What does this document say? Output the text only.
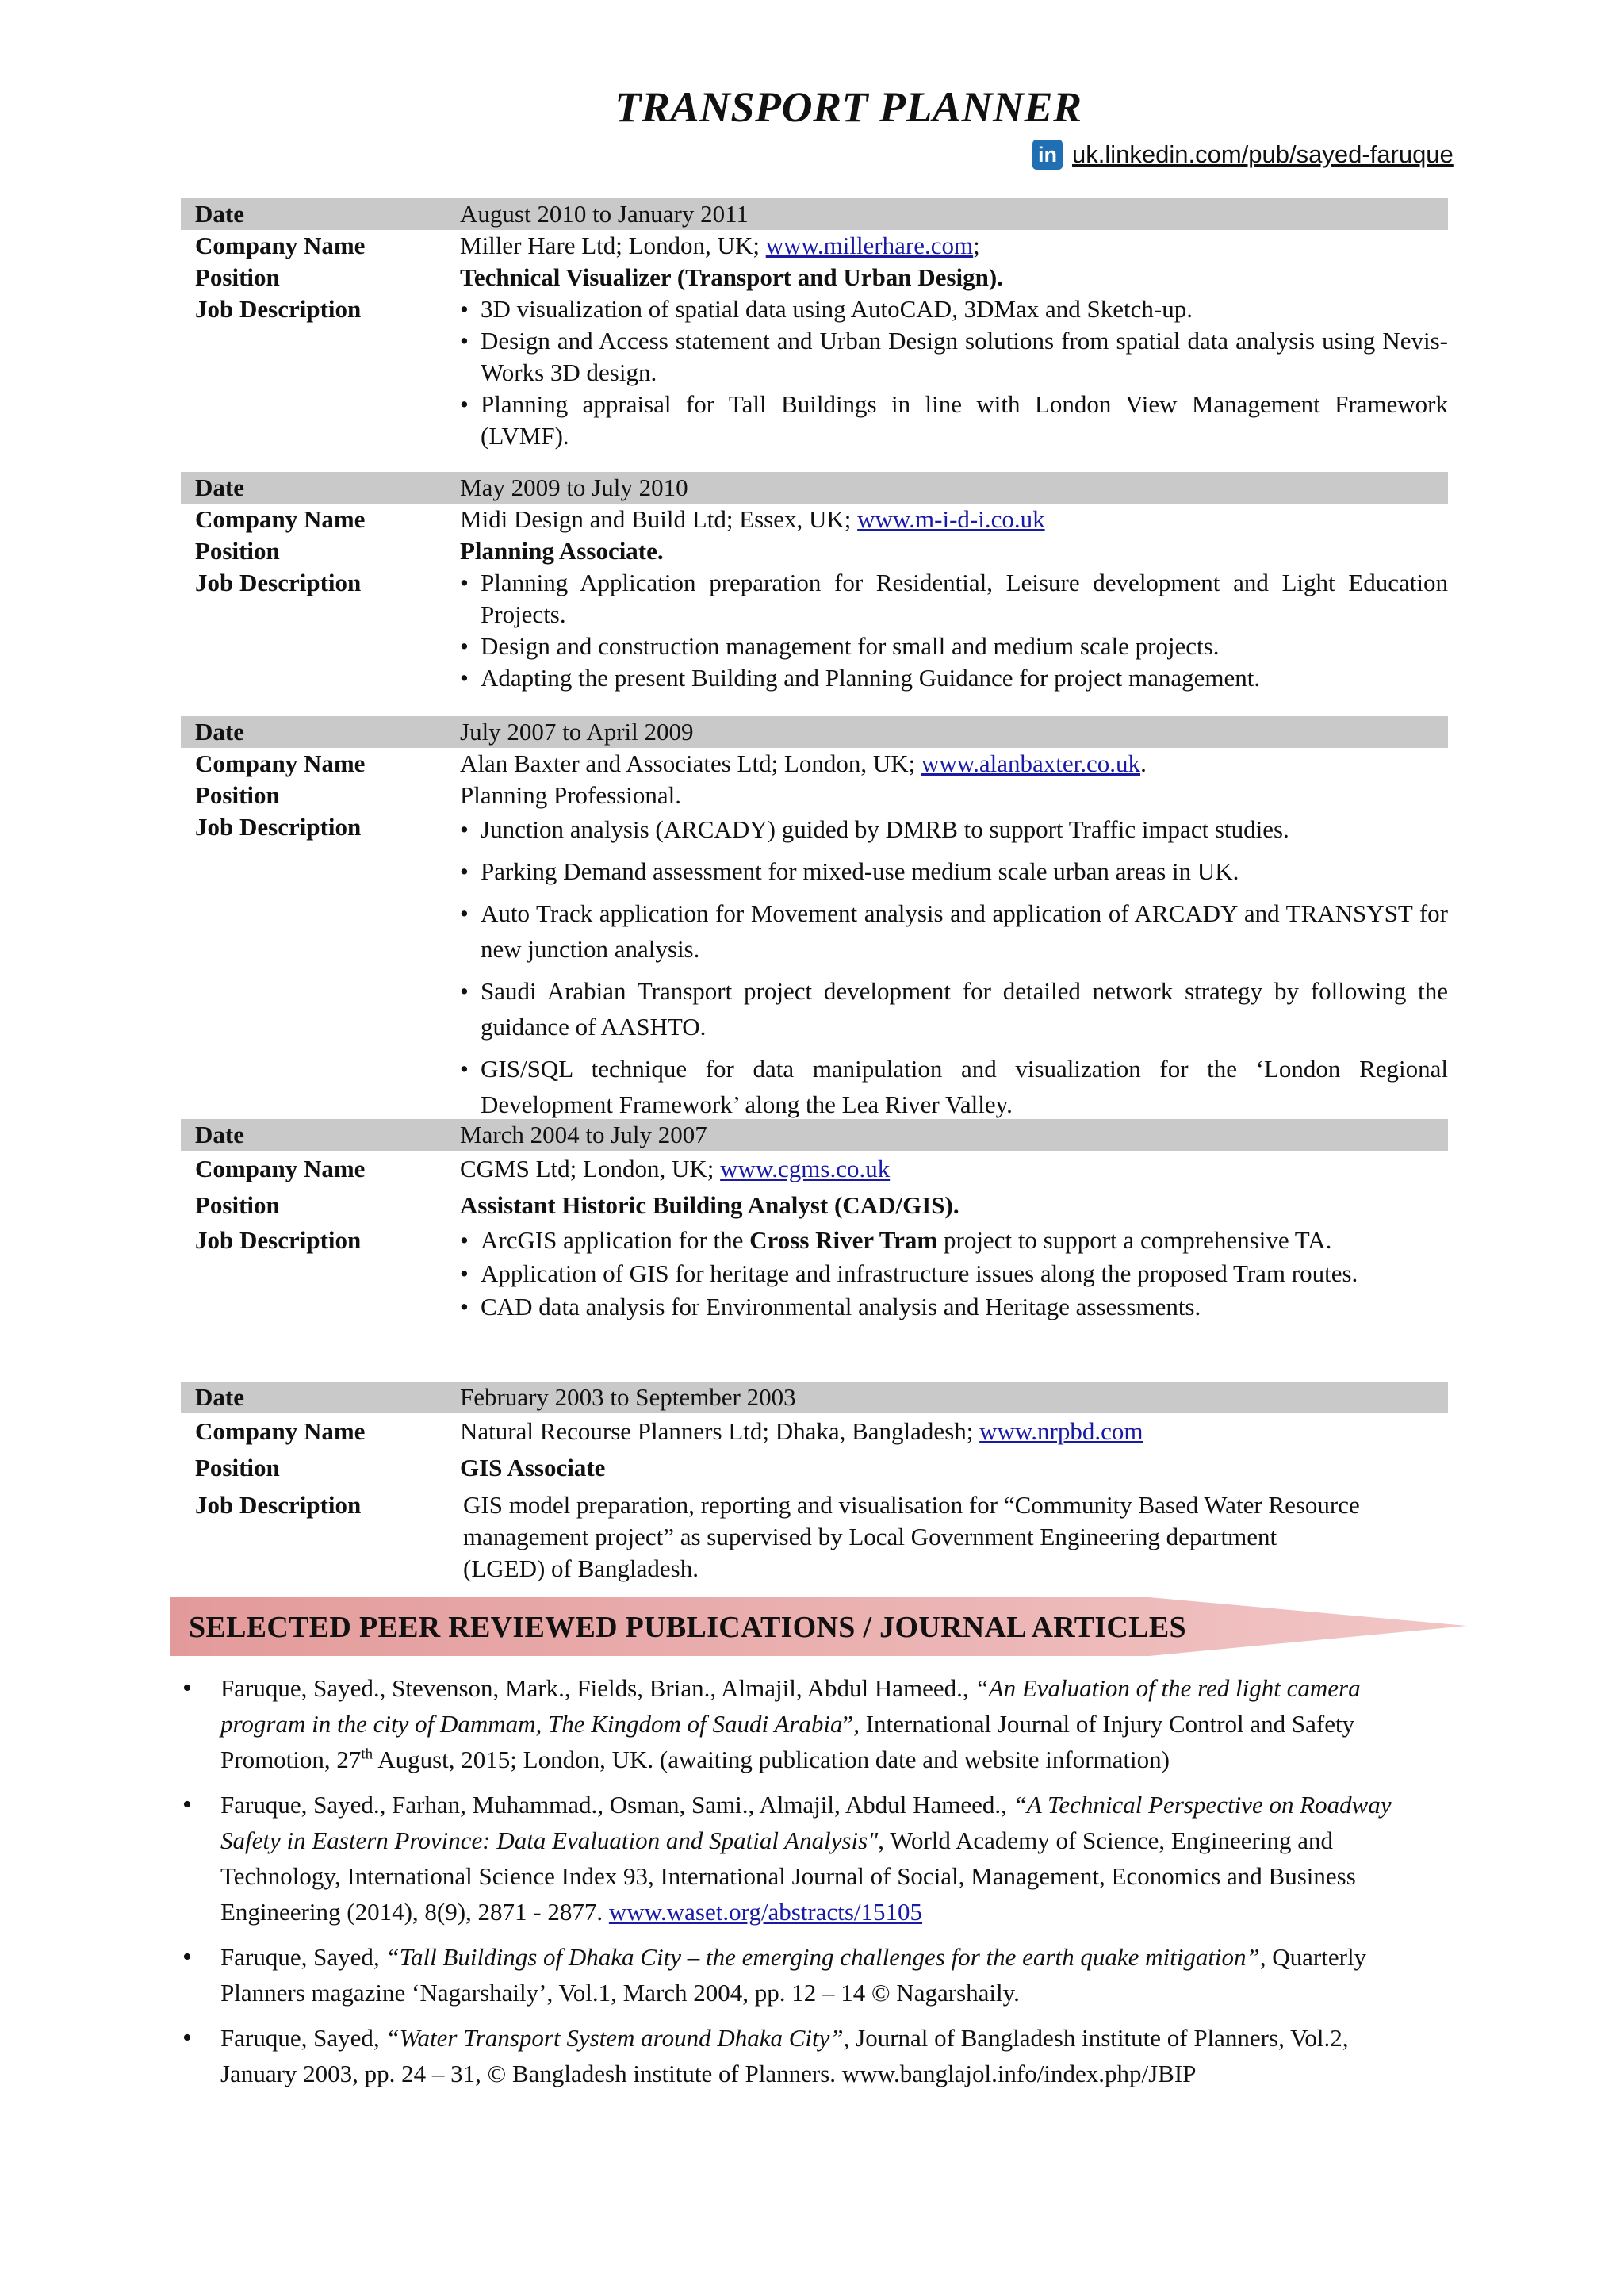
TRANSPORT PLANNER
in uk.linkedin.com/pub/sayed-faruque
Date	August 2010 to January 2011
Company Name	Miller Hare Ltd; London, UK; www.millerhare.com;
Position	Technical Visualizer (Transport and Urban Design).
Job Description	• 3D visualization of spatial data using AutoCAD, 3DMax and Sketch-up.
• Design and Access statement and Urban Design solutions from spatial data analysis using Nevis-Works 3D design.
• Planning appraisal for Tall Buildings in line with London View Management Framework (LVMF).
Date	May 2009 to July 2010
Company Name	Midi Design and Build Ltd; Essex, UK; www.m-i-d-i.co.uk
Position	Planning Associate.
Job Description	• Planning Application preparation for Residential, Leisure development and Light Education Projects.
• Design and construction management for small and medium scale projects.
• Adapting the present Building and Planning Guidance for project management.
Date	July 2007 to April 2009
Company Name	Alan Baxter and Associates Ltd; London, UK; www.alanbaxter.co.uk.
Position	Planning Professional.
Job Description	• Junction analysis (ARCADY) guided by DMRB to support Traffic impact studies.
• Parking Demand assessment for mixed-use medium scale urban areas in UK.
• Auto Track application for Movement analysis and application of ARCADY and TRANSYST for new junction analysis.
• Saudi Arabian Transport project development for detailed network strategy by following the guidance of AASHTO.
• GIS/SQL technique for data manipulation and visualization for the ‘London Regional Development Framework’ along the Lea River Valley.
Date	March 2004 to July 2007
Company Name	CGMS Ltd; London, UK; www.cgms.co.uk
Position	Assistant Historic Building Analyst (CAD/GIS).
Job Description	• ArcGIS application for the Cross River Tram project to support a comprehensive TA.
• Application of GIS for heritage and infrastructure issues along the proposed Tram routes.
• CAD data analysis for Environmental analysis and Heritage assessments.
Date	February 2003 to September 2003
Company Name	Natural Recourse Planners Ltd; Dhaka, Bangladesh; www.nrpbd.com
Position	GIS Associate
Job Description	GIS model preparation, reporting and visualisation for “Community Based Water Resource management project” as supervised by Local Government Engineering department (LGED) of Bangladesh.
SELECTED PEER REVIEWED PUBLICATIONS / JOURNAL ARTICLES
• Faruque, Sayed., Stevenson, Mark., Fields, Brian., Almajil, Abdul Hameed., “An Evaluation of the red light camera program in the city of Dammam, The Kingdom of Saudi Arabia”, International Journal of Injury Control and Safety Promotion, 27th August, 2015; London, UK. (awaiting publication date and website information)
• Faruque, Sayed., Farhan, Muhammad., Osman, Sami., Almajil, Abdul Hameed., “A Technical Perspective on Roadway Safety in Eastern Province: Data Evaluation and Spatial Analysis", World Academy of Science, Engineering and Technology, International Science Index 93, International Journal of Social, Management, Economics and Business Engineering (2014), 8(9), 2871 - 2877. www.waset.org/abstracts/15105
• Faruque, Sayed, “Tall Buildings of Dhaka City – the emerging challenges for the earth quake mitigation”, Quarterly Planners magazine ‘Nagarshaily’, Vol.1, March 2004, pp. 12 – 14 © Nagarshaily.
• Faruque, Sayed, “Water Transport System around Dhaka City”, Journal of Bangladesh institute of Planners, Vol.2, January 2003, pp. 24 – 31, © Bangladesh institute of Planners. www.banglajol.info/index.php/JBIP
